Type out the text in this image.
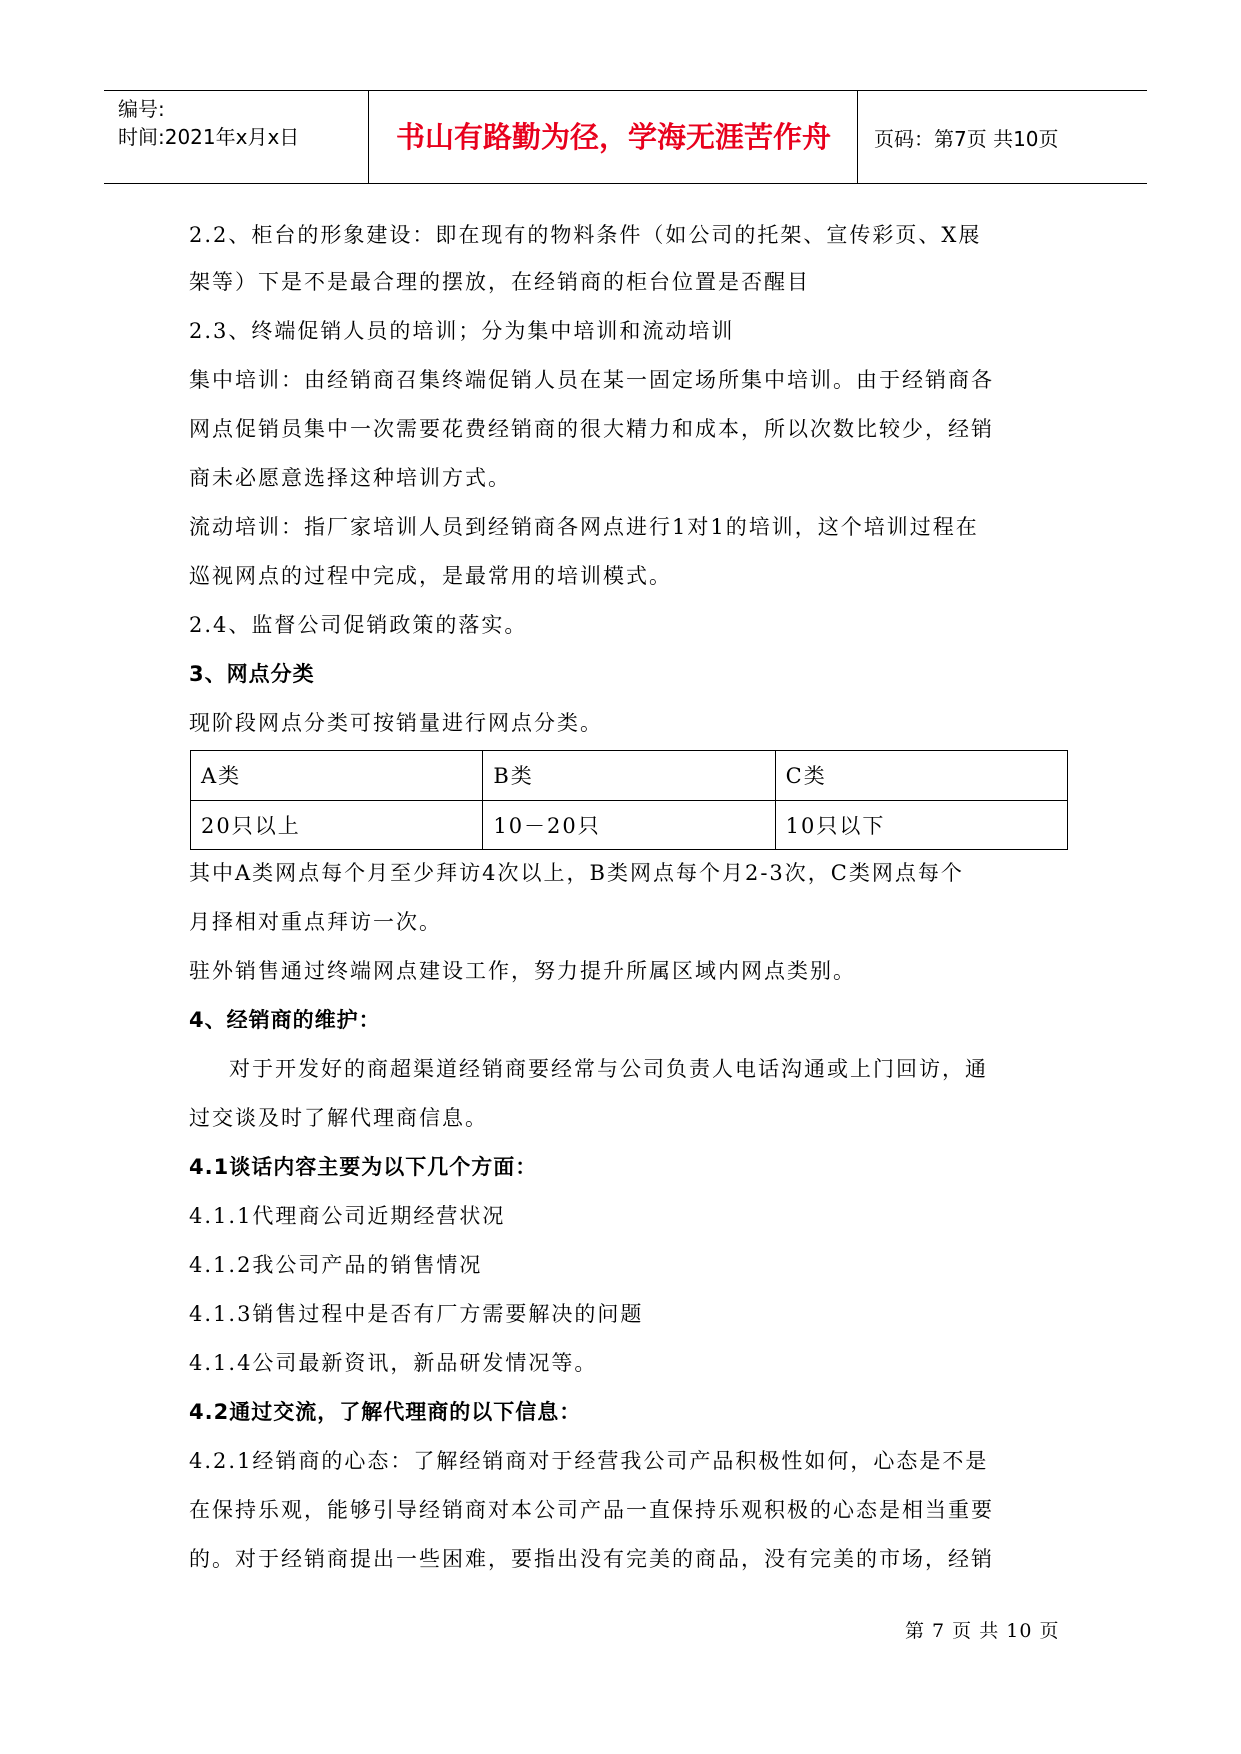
编号:
时间:2021年x月x日	书山有路勤为径，学海无涯苦作舟	页码：第7页 共10页
2.2、柜台的形象建设：即在现有的物料条件（如公司的托架、宣传彩页、X展
架等）下是不是最合理的摆放，在经销商的柜台位置是否醒目
2.3、终端促销人员的培训；分为集中培训和流动培训
集中培训：由经销商召集终端促销人员在某一固定场所集中培训。由于经销商各
网点促销员集中一次需要花费经销商的很大精力和成本，所以次数比较少，经销
商未必愿意选择这种培训方式。
流动培训：指厂家培训人员到经销商各网点进行1对1的培训，这个培训过程在
巡视网点的过程中完成，是最常用的培训模式。
2.4、监督公司促销政策的落实。
3、网点分类
现阶段网点分类可按销量进行网点分类。
A类	B类	C类
20只以上	10－20只	10只以下
其中A类网点每个月至少拜访4次以上，B类网点每个月2-3次，C类网点每个
月择相对重点拜访一次。
驻外销售通过终端网点建设工作，努力提升所属区域内网点类别。
4、经销商的维护：
对于开发好的商超渠道经销商要经常与公司负责人电话沟通或上门回访，通
过交谈及时了解代理商信息。
4.1谈话内容主要为以下几个方面：
4.1.1代理商公司近期经营状况
4.1.2我公司产品的销售情况
4.1.3销售过程中是否有厂方需要解决的问题
4.1.4公司最新资讯，新品研发情况等。
4.2通过交流，了解代理商的以下信息：
4.2.1经销商的心态：了解经销商对于经营我公司产品积极性如何，心态是不是
在保持乐观，能够引导经销商对本公司产品一直保持乐观积极的心态是相当重要
的。对于经销商提出一些困难，要指出没有完美的商品，没有完美的市场，经销
第 7 页 共 10 页
